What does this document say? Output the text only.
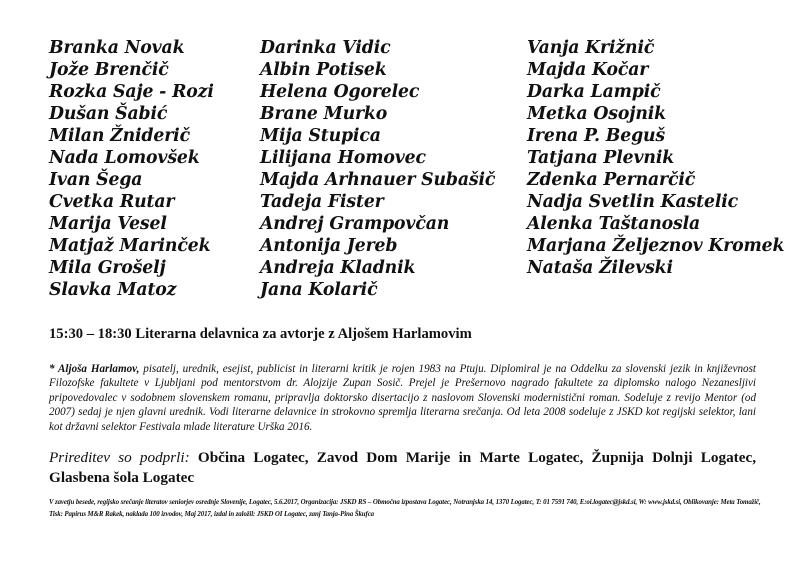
Branka Novak
Jože Brenčič
Rozka Saje - Rozi
Dušan Šabić
Milan Žniderič
Nada Lomovšek
Ivan Šega
Cvetka Rutar
Marija Vesel
Matjaž Marinček
Mila Grošelj
Slavka Matoz
Darinka Vidic
Albin Potisek
Helena Ogorelec
Brane Murko
Mija Stupica
Lilijana Homovec
Majda Arhnauer Subašič
Tadeja Fister
Andrej Grampovčan
Antonija Jereb
Andreja Kladnik
Jana Kolarič
Vanja Križnič
Majda Kočar
Darka Lampič
Metka Osojnik
Irena P. Beguš
Tatjana Plevnik
Zdenka Pernarčič
Nadja Svetlin Kastelic
Alenka Taštanosla
Marjana Željeznov Kromek
Nataša Žilevski
15:30 – 18:30 Literarna delavnica za avtorje z Aljošem Harlamovim

* Aljoša Harlamov, pisatelj, urednik, esejist, publicist in literarni kritik je rojen 1983 na Ptuju. Diplomiral je na Oddelku za slovenski jezik in književnost Filozofske fakultete v Ljubljani pod mentorstvom dr. Alojzije Zupan Sosič. Prejel je Prešernovo nagrado fakultete za diplomsko nalogo Nezanesljivi pripovedovalec v sodobnem slovenskem romanu, pripravlja doktorsko disertacijo z naslovom Slovenski modernistični roman. Sodeluje z revijo Mentor (od 2007) sedaj je njen glavni urednik. Vodi literarne delavnice in strokovno spremlja literarna srečanja. Od leta 2008 sodeluje z JSKD kot regijski selektor, lani kot državni selektor Festivala mlade literature Urška 2016.

Prireditev so podprli: Občina Logatec, Zavod Dom Marije in Marte Logatec, Župnija Dolnji Logatec, Glasbena šola Logatec

V zavetju besede, regijsko srečanje literatov seniorjev osrednje Slovenije, Logatec, 5.6.2017, Organizacija: JSKD RS – Območna izpostava Logatec, Notranjska 14, 1370 Logatec, T: 01 7591 740, E:oi.logatec@jskd.si, W: www.jskd.si, Oblikovanje: Meta Tomažič, Tisk: Papirus M&R Rakek, naklada 100 izvodov, Maj 2017, izdal in založil: JSKD OI Logatec, zanj Tanja-Pina Škufca
